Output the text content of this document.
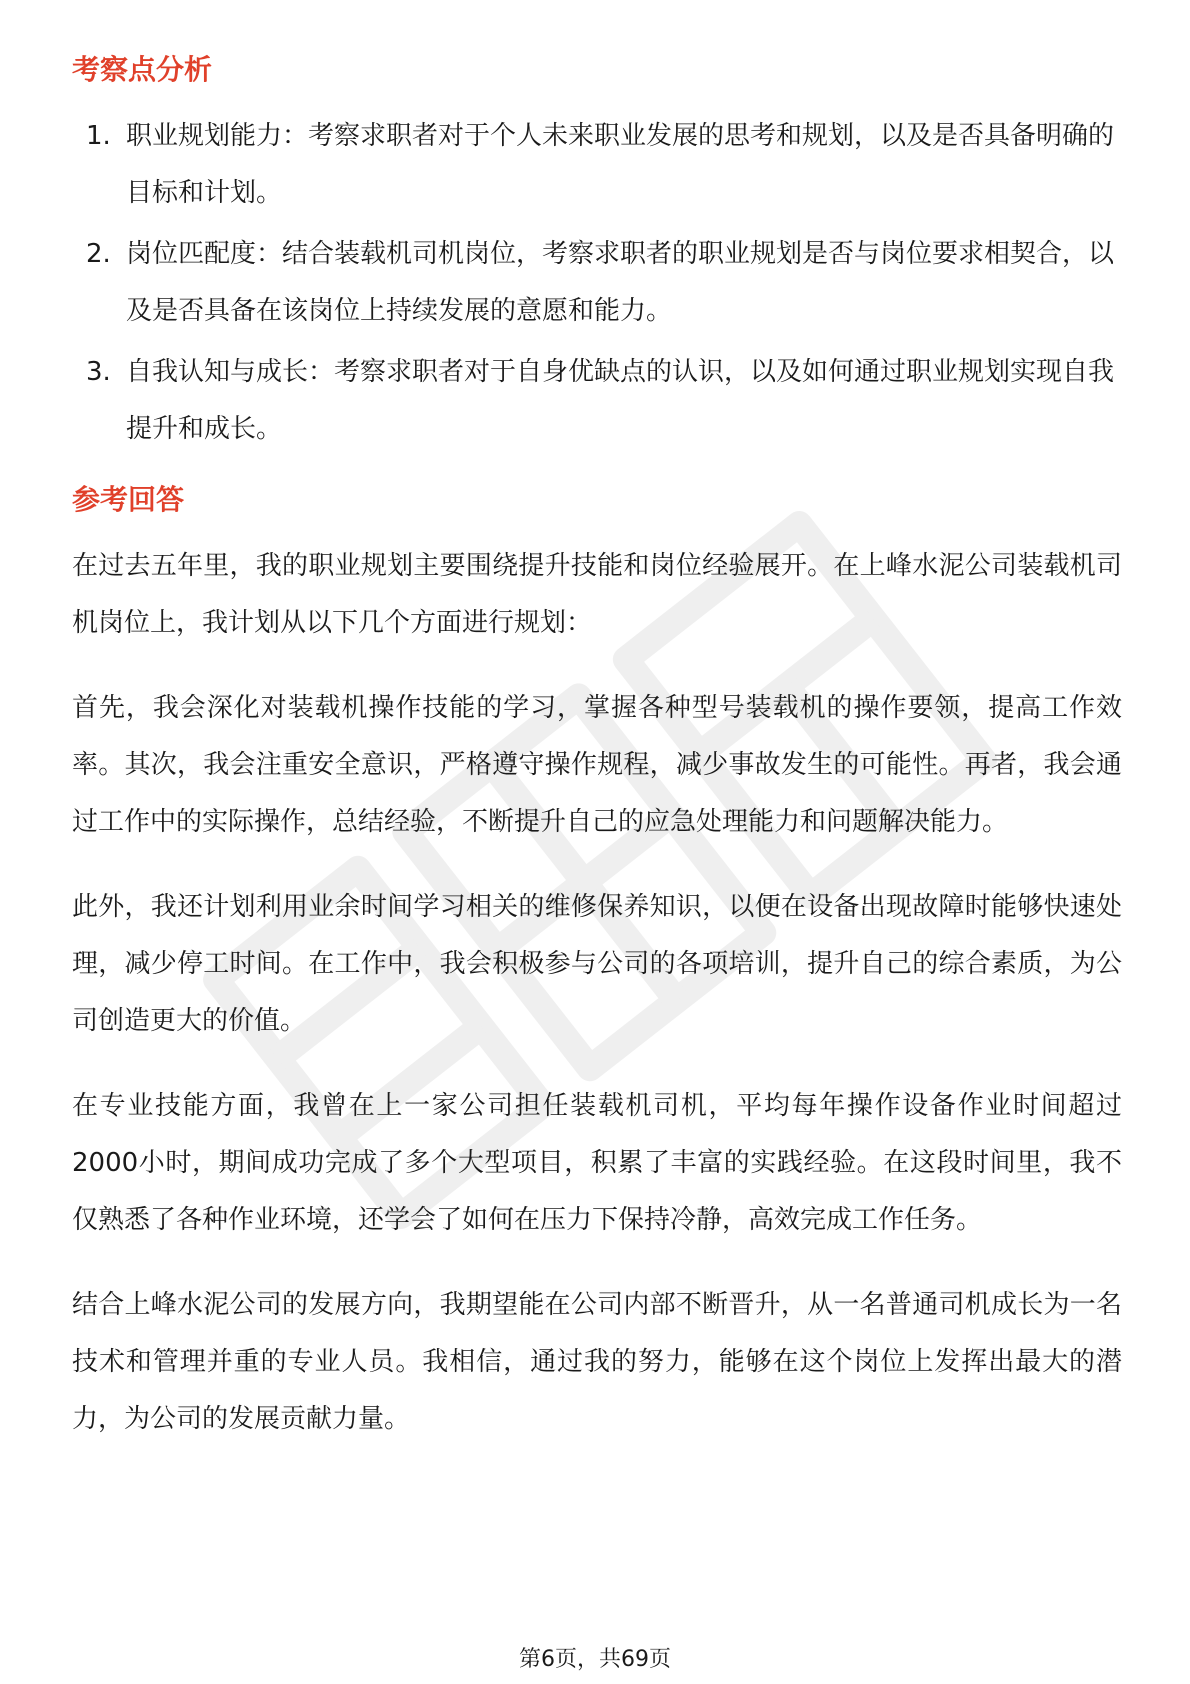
考察点分析
1. 职业规划能力：考察求职者对于个人未来职业发展的思考和规划，以及是否具备明确的目标和计划。
2. 岗位匹配度：结合装载机司机岗位，考察求职者的职业规划是否与岗位要求相契合，以及是否具备在该岗位上持续发展的意愿和能力。
3. 自我认知与成长：考察求职者对于自身优缺点的认识，以及如何通过职业规划实现自我提升和成长。
参考回答

在过去五年里，我的职业规划主要围绕提升技能和岗位经验展开。在上峰水泥公司装载机司机岗位上，我计划从以下几个方面进行规划：

首先，我会深化对装载机操作技能的学习，掌握各种型号装载机的操作要领，提高工作效率。其次，我会注重安全意识，严格遵守操作规程，减少事故发生的可能性。再者，我会通过工作中的实际操作，总结经验，不断提升自己的应急处理能力和问题解决能力。

此外，我还计划利用业余时间学习相关的维修保养知识，以便在设备出现故障时能够快速处理，减少停工时间。在工作中，我会积极参与公司的各项培训，提升自己的综合素质，为公司创造更大的价值。

在专业技能方面，我曾在上一家公司担任装载机司机，平均每年操作设备作业时间超过2000小时，期间成功完成了多个大型项目，积累了丰富的实践经验。在这段时间里，我不仅熟悉了各种作业环境，还学会了如何在压力下保持冷静，高效完成工作任务。

结合上峰水泥公司的发展方向，我期望能在公司内部不断晋升，从一名普通司机成长为一名技术和管理并重的专业人员。我相信，通过我的努力，能够在这个岗位上发挥出最大的潜力，为公司的发展贡献力量。

第6页，共69页
